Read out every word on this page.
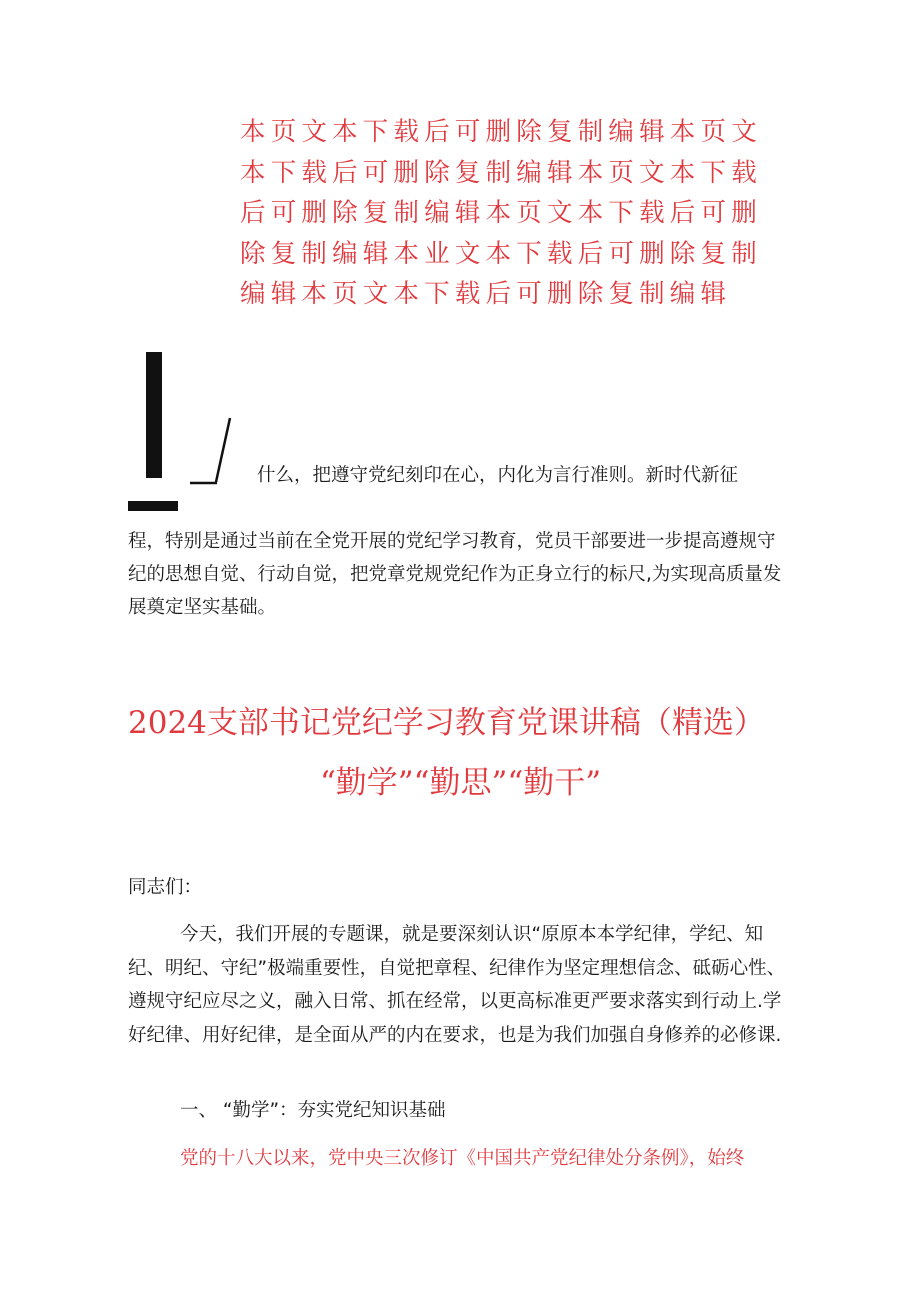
本页文本下载后可删除复制编辑本页文本下载后可删除复制编辑本页文本下载后可删除复制编辑本页文本下载后可删除复制编辑本业文本下载后可删除复制编辑本页文本下载后可删除复制编辑

什么，把遵守党纪刻印在心，内化为言行准则。新时代新征

程，特别是通过当前在全党开展的党纪学习教育，党员干部要进一步提高遵规守纪的思想自觉、行动自觉，把党章党规党纪作为正身立行的标尺,为实现高质量发展奠定坚实基础。

2024支部书记党纪学习教育党课讲稿（精选）
“勤学”“勤思”“勤干”

同志们：

今天，我们开展的专题课，就是要深刻认识“原原本本学纪律，学纪、知纪、明纪、守纪”极端重要性，自觉把章程、纪律作为坚定理想信念、砥砺心性、遵规守纪应尽之义，融入日常、抓在经常，以更高标准更严要求落实到行动上.学好纪律、用好纪律，是全面从严的内在要求，也是为我们加强自身修养的必修课.

一、 “勤学”：夯实党纪知识基础

党的十八大以来，党中央三次修订《中国共产党纪律处分条例》，始终
